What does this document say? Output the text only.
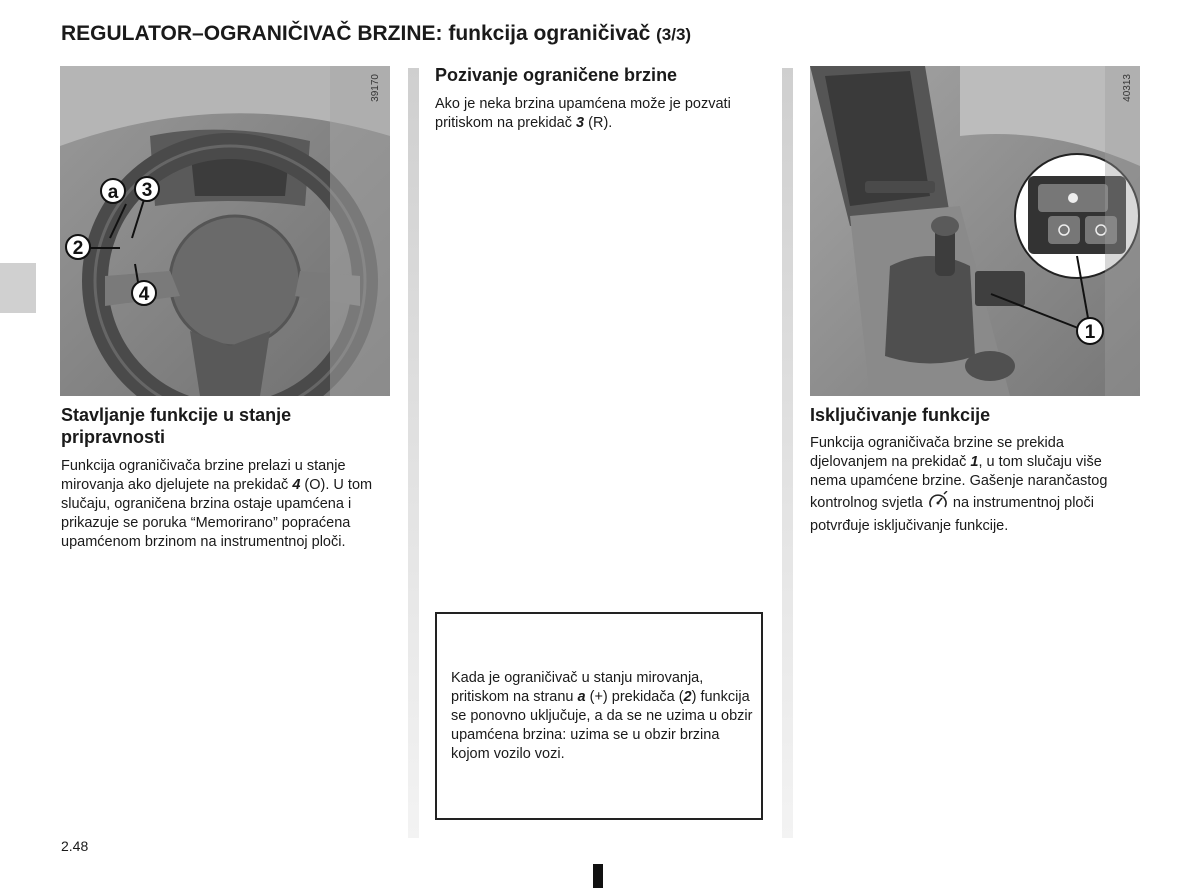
REGULATOR–OGRANIČIVAČ BRZINE: funkcija ograničivač (3/3)
39170
a 3
2
4
Stavljanje funkcije u stanje pripravnosti
Funkcija ograničivača brzine prelazi u stanje mirovanja ako djelujete na prekidač 4 (O). U tom slučaju, ograničena brzina ostaje upamćena i prikazuje se poruka “Memorirano” popraćena upamćenom brzinom na instrumentnoj ploči.
Pozivanje ograničene brzine
Ako je neka brzina upamćena može je pozvati pritiskom na prekidač 3 (R).
Kada je ograničivač u stanju mirovanja, pritiskom na stranu a (+) prekidača (2) funkcija se ponovno uključuje, a da se ne uzima u obzir upamćena brzina: uzima se u obzir brzina kojom vozilo vozi.
40313
1
Isključivanje funkcije
Funkcija ograničivača brzine se prekida djelovanjem na prekidač 1, u tom slučaju više nema upamćene brzine. Gašenje narančastog kontrolnog svjetla  na instrumentnoj ploči potvrđuje isključivanje funkcije.
2.48
